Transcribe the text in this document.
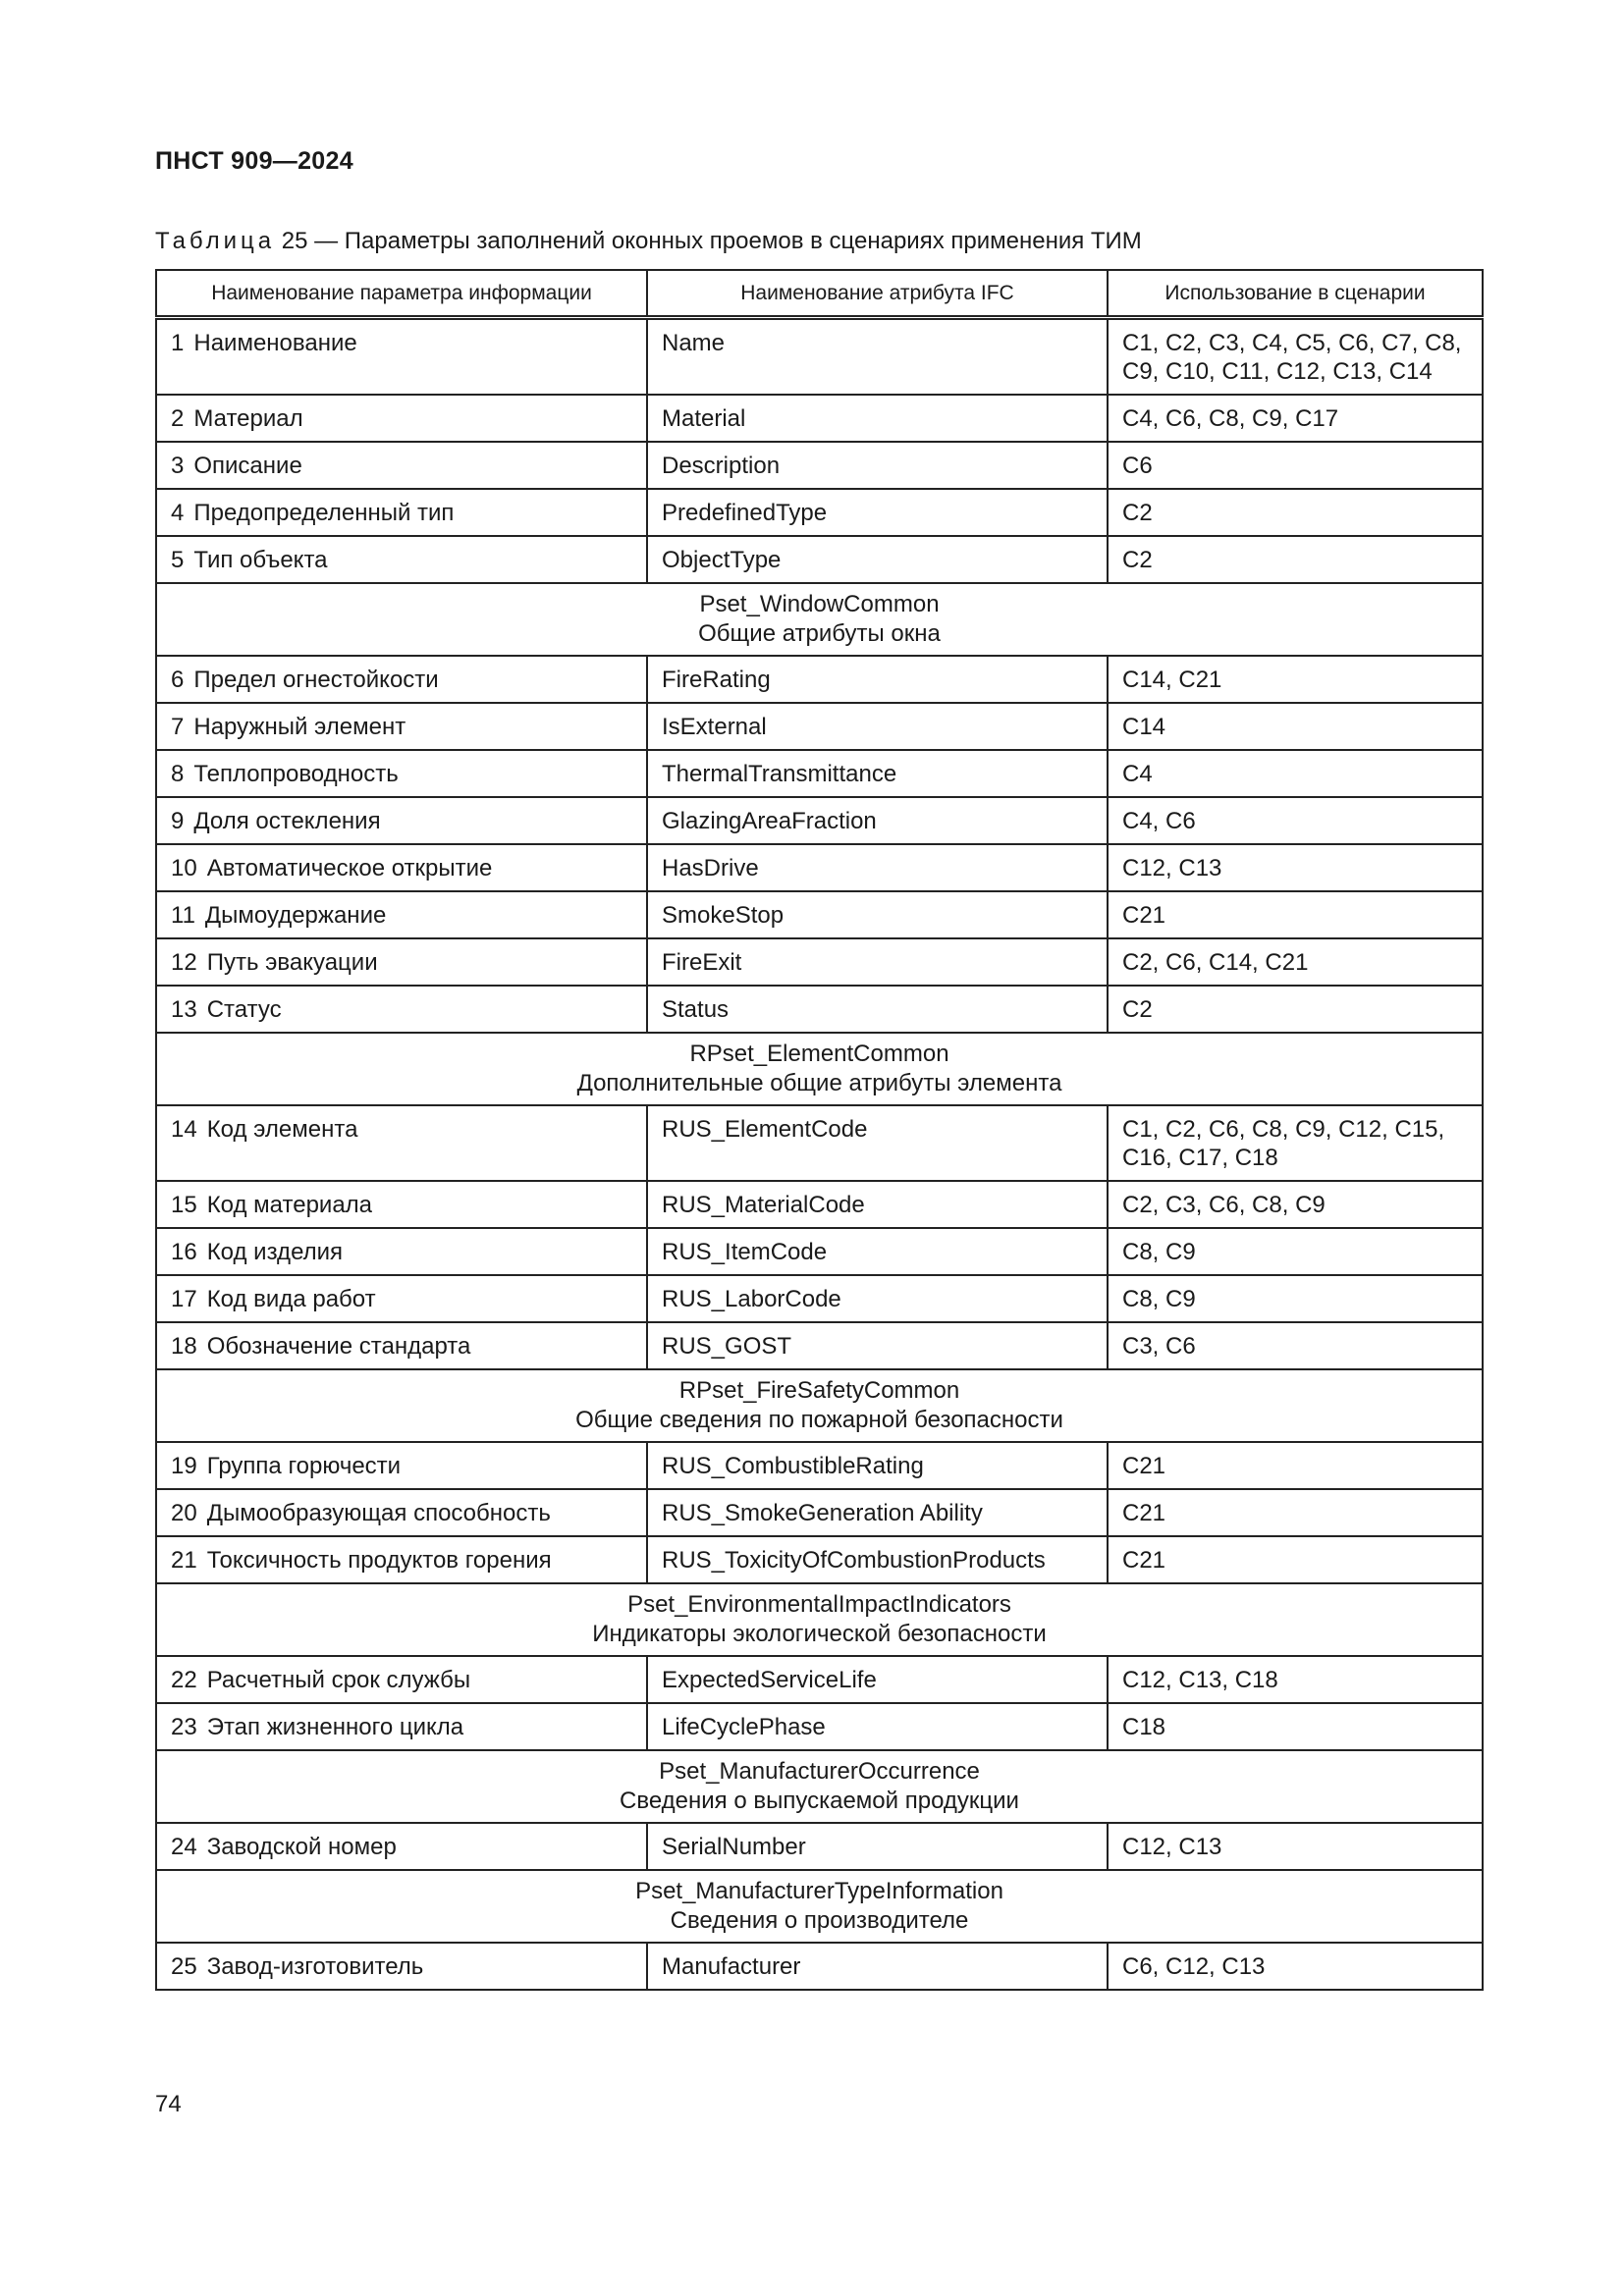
ПНСТ 909—2024
Таблица 25 — Параметры заполнений оконных проемов в сценариях применения ТИМ
Наименование параметра информации	Наименование атрибута IFC	Использование в сценарии
1 Наименование	Name	C1, C2, C3, C4, C5, C6, C7, C8, C9, C10, C11, C12, C13, C14
2 Материал	Material	C4, C6, C8, C9, C17
3 Описание	Description	C6
4 Предопределенный тип	PredefinedType	C2
5 Тип объекта	ObjectType	C2

Pset_WindowCommon
Общие атрибуты окна		

6 Предел огнестойкости	FireRating	C14, C21
7 Наружный элемент	IsExternal	C14
8 Теплопроводность	ThermalTransmittance	C4
9 Доля остекления	GlazingAreaFraction	C4, C6
10 Автоматическое открытие	HasDrive	C12, C13
11 Дымоудержание	SmokeStop	C21
12 Путь эвакуации	FireExit	C2, C6, C14, C21
13 Статус	Status	C2

RPset_ElementCommon
Дополнительные общие атрибуты элемента		

14 Код элемента	RUS_ElementCode	C1, C2, C6, C8, C9, C12, C15, C16, C17, C18
15 Код материала	RUS_MaterialCode	C2, C3, C6, C8, C9
16 Код изделия	RUS_ItemCode	C8, C9
17 Код вида работ	RUS_LaborCode	C8, C9
18 Обозначение стандарта	RUS_GOST	C3, C6

RPset_FireSafetyCommon
Общие сведения по пожарной безопасности		

19 Группа горючести	RUS_CombustibleRating	C21
20 Дымообразующая способность	RUS_SmokeGeneration Ability	C21
21 Токсичность продуктов горения	RUS_ToxicityOfCombustionProducts	C21

Pset_EnvironmentalImpactIndicators
Индикаторы экологической безопасности		

22 Расчетный срок службы	ExpectedServiceLife	C12, C13, C18
23 Этап жизненного цикла	LifeCyclePhase	C18

Pset_ManufacturerOccurrence
Сведения о выпускаемой продукции		

24 Заводской номер	SerialNumber	C12, C13

Pset_ManufacturerTypeInformation
Сведения о производителе		

25 Завод-изготовитель	Manufacturer	C6, C12, C13
74
